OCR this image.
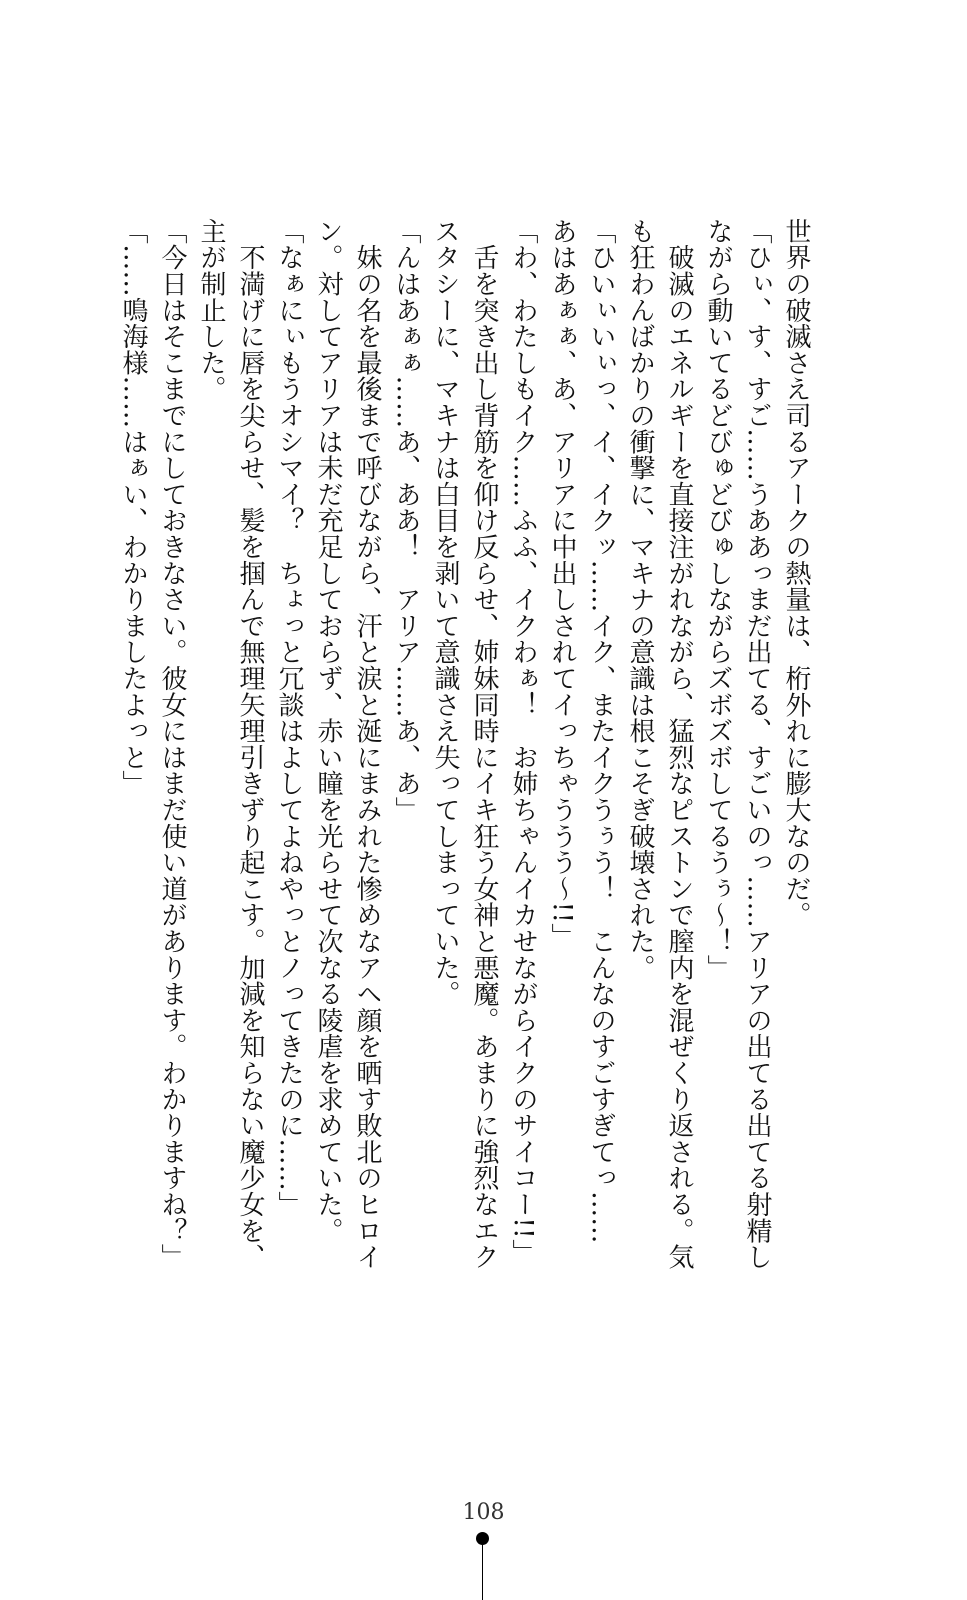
世界の破滅さえ司るアークの熱量は、桁外れに膨大なのだ。
「ひぃ、す、すご……うああっまだ出てる、すごいのっ……アリアの出てる出てる射精し
ながら動いてるどびゅどびゅしながらズボズボしてるうぅ〜！」
　破滅のエネルギーを直接注がれながら、猛烈なピストンで膣内を混ぜくり返される。気
も狂わんばかりの衝撃に、マキナの意識は根こそぎ破壊された。
「ひいぃいぃっ、イ、イクッ……イク、またイクうぅう！　こんなのすごすぎてっ……
あはあぁぁ、あ、アリアに中出しされてイっちゃううう〜!!」
「わ、わたしもイク……ふふ、イクわぁ！　お姉ちゃんイカせながらイクのサイコー!!」
　舌を突き出し背筋を仰け反らせ、姉妹同時にイキ狂う女神と悪魔。あまりに強烈なエク
スタシーに、マキナは白目を剥いて意識さえ失ってしまっていた。
「んはあぁぁ……あ、ああ！　アリア……あ、あ」
　妹の名を最後まで呼びながら、汗と涙と涎にまみれた惨めなアヘ顔を晒す敗北のヒロイ
ン。対してアリアは未だ充足しておらず、赤い瞳を光らせて次なる陵虐を求めていた。
「なぁにぃもうオシマイ？　ちょっと冗談はよしてよねやっとノってきたのに……」
　不満げに唇を尖らせ、髪を掴んで無理矢理引きずり起こす。加減を知らない魔少女を、
主が制止した。
「今日はそこまでにしておきなさい。彼女にはまだ使い道があります。わかりますね？」
「……鳴海様……はぁい、わかりましたよっと」
108
